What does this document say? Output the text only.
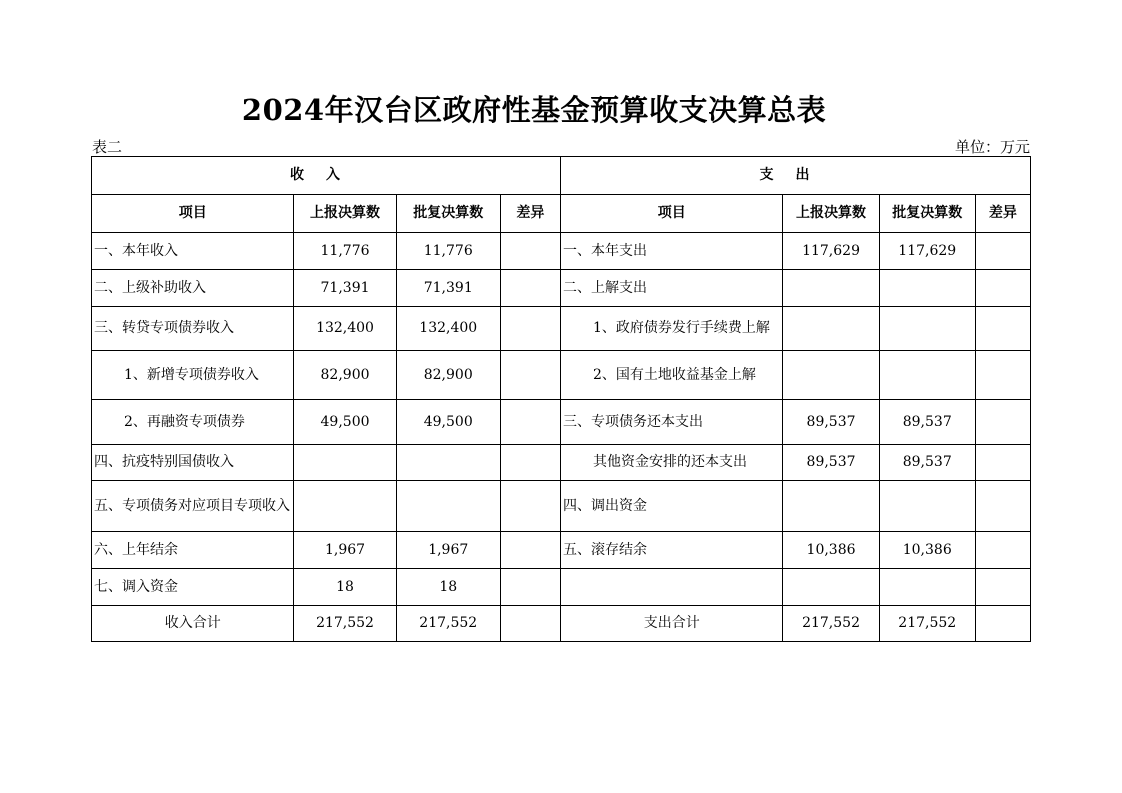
2024年汉台区政府性基金预算收支决算总表
表二	单位：万元
收入				支出			
项目	上报决算数	批复决算数	差异	项目	上报决算数	批复决算数	差异
一、本年收入	11,776	11,776		一、本年支出	117,629	117,629	
二、上级补助收入	71,391	71,391		二、上解支出			
三、转贷专项债券收入	132,400	132,400		1、政府债券发行手续费上解			
1、新增专项债券收入	82,900	82,900		2、国有土地收益基金上解			
2、再融资专项债券	49,500	49,500		三、专项债务还本支出	89,537	89,537	
四、抗疫特别国债收入				其他资金安排的还本支出	89,537	89,537	
五、专项债务对应项目专项收入				四、调出资金			
六、上年结余	1,967	1,967		五、滚存结余	10,386	10,386	
七、调入资金	18	18					
收入合计	217,552	217,552		支出合计	217,552	217,552	
